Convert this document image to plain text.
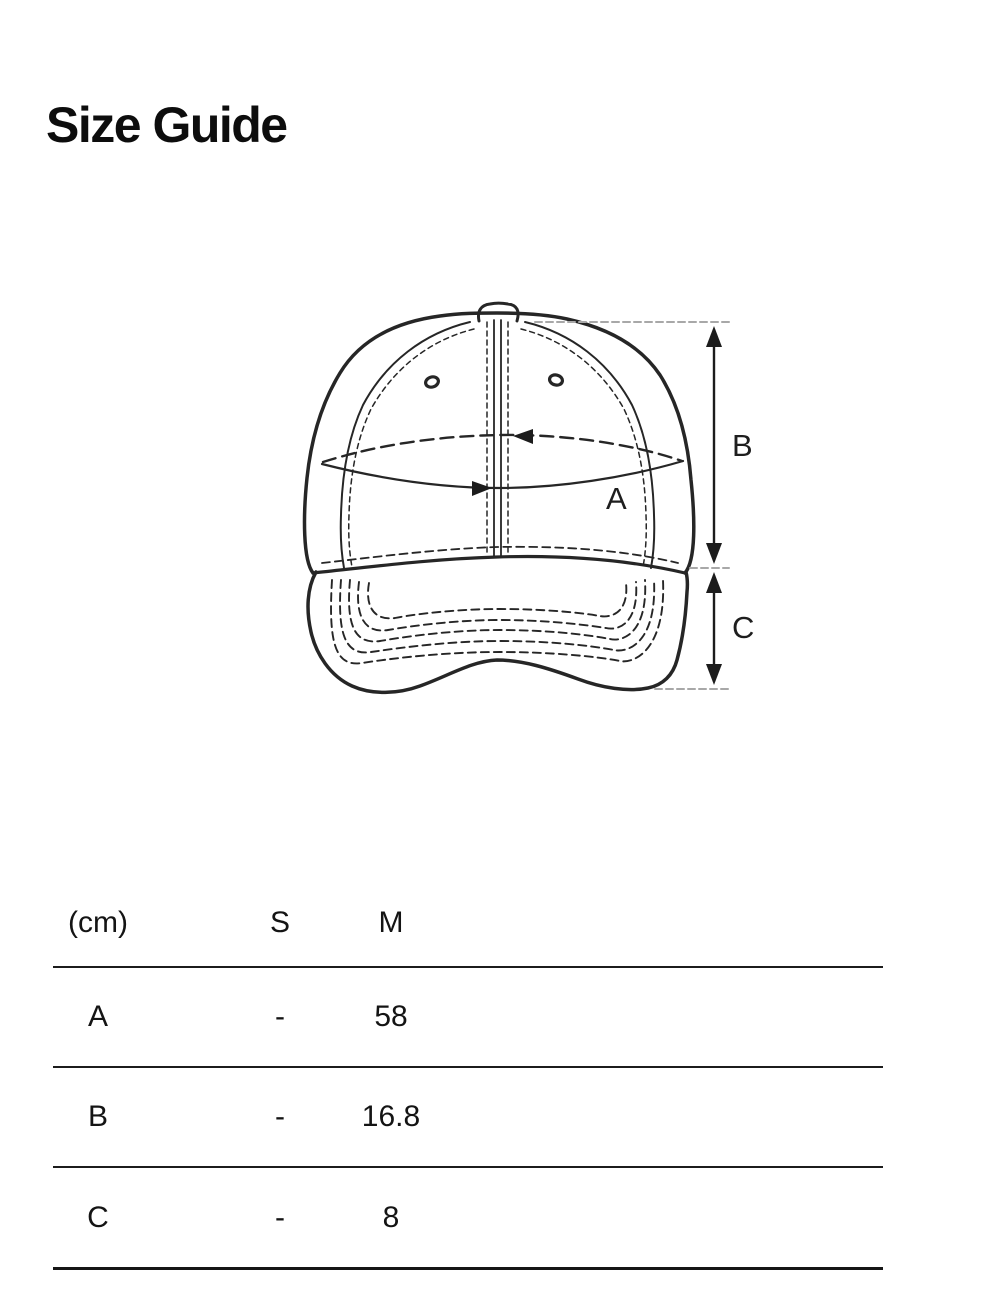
Size Guide
A
B
C
(cm)	S	M
A	-	58
B	-	16.8
C	-	8
